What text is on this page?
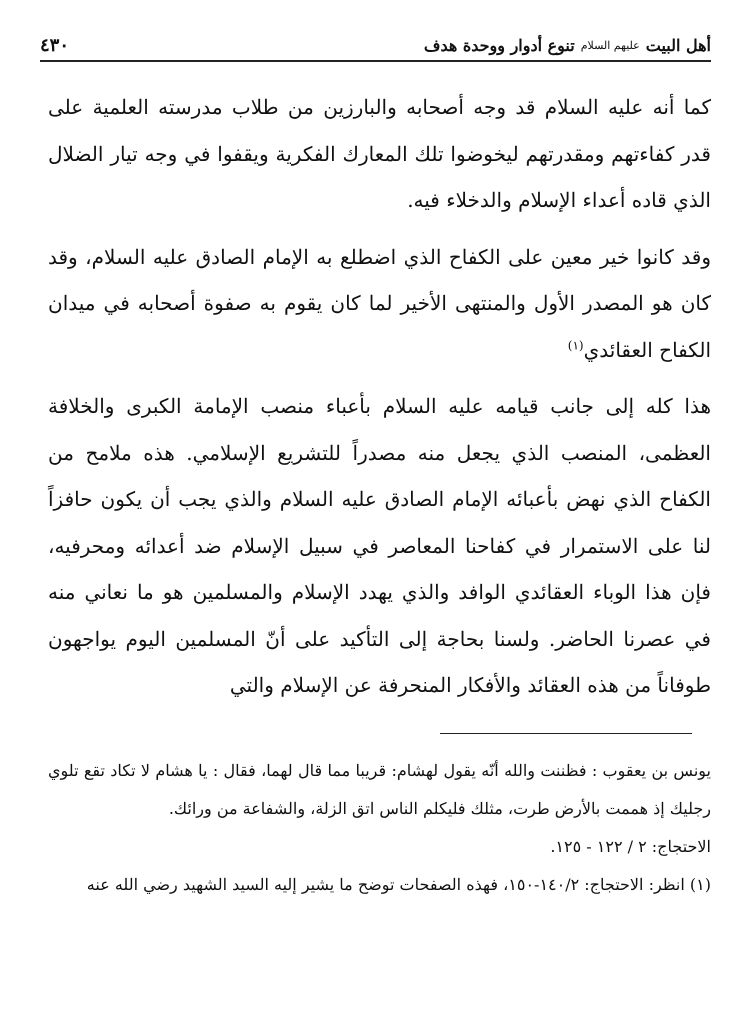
أهل البيت
عليهم السلام
تنوع أدوار ووحدة هدف
٤٣٠

كما أنه عليه السلام قد وجه أصحابه والبارزين من طلاب مدرسته العلمية على قدر كفاءتهم ومقدرتهم ليخوضوا تلك المعارك الفكرية ويقفوا في وجه تيار الضلال الذي قاده أعداء الإسلام والدخلاء فيه.

وقد كانوا خير معين على الكفاح الذي اضطلع به الإمام الصادق عليه السلام، وقد كان هو المصدر الأول والمنتهى الأخير لما كان يقوم به صفوة أصحابه في ميدان الكفاح العقائدي$^{(١)}$

هذا كله إلى جانب قيامه عليه السلام بأعباء منصب الإمامة الكبرى والخلافة العظمى، المنصب الذي يجعل منه مصدراً للتشريع الإسلامي. هذه ملامح من الكفاح الذي نهض بأعبائه الإمام الصادق عليه السلام والذي يجب أن يكون حافزاً لنا على الاستمرار في كفاحنا المعاصر في سبيل الإسلام ضد أعدائه ومحرفيه، فإن هذا الوباء العقائدي الوافد والذي يهدد الإسلام والمسلمين هو ما نعاني منه في عصرنا الحاضر. ولسنا بحاجة إلى التأكيد على أنّ المسلمين اليوم يواجهون طوفاناً من هذه العقائد والأفكار المنحرفة عن الإسلام والتي

يونس بن يعقوب : فظننت والله أنّه يقول لهشام: قريبا مما قال لهما، فقال : يا هشام لا تكاد تقع تلوي رجليك إذ هممت بالأرض طرت، مثلك فليكلم الناس اتق الزلة، والشفاعة من ورائك.

الاحتجاج: ٢ / ١٢٢ - ١٢٥.

(١) انظر: الاحتجاج: ١٤٠/٢-١٥٠، فهذه الصفحات توضح ما يشير إليه السيد الشهيد رضي الله عنه
